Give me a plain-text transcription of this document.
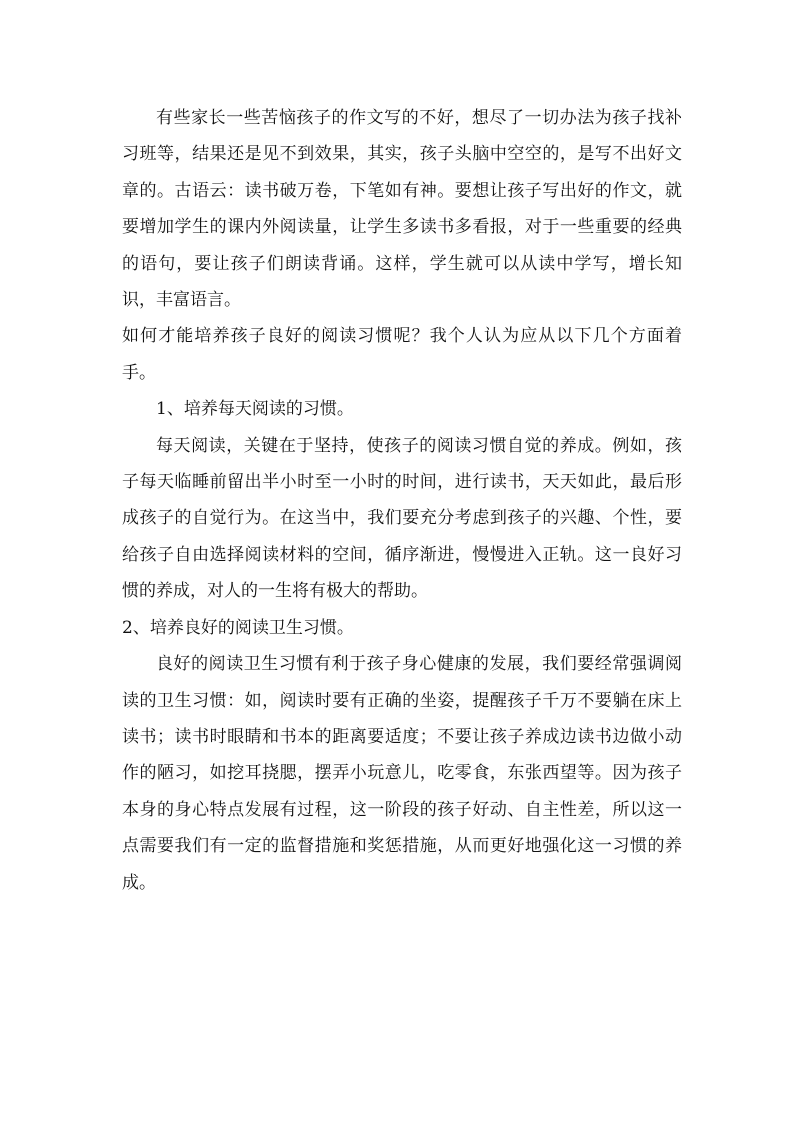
有些家长一些苦恼孩子的作文写的不好，想尽了一切办法为孩子找补习班等，结果还是见不到效果，其实，孩子头脑中空空的，是写不出好文章的。古语云：读书破万卷，下笔如有神。要想让孩子写出好的作文，就要增加学生的课内外阅读量，让学生多读书多看报，对于一些重要的经典的语句，要让孩子们朗读背诵。这样，学生就可以从读中学写，增长知识，丰富语言。

如何才能培养孩子良好的阅读习惯呢？我个人认为应从以下几个方面着手。

1、培养每天阅读的习惯。

每天阅读，关键在于坚持，使孩子的阅读习惯自觉的养成。例如，孩子每天临睡前留出半小时至一小时的时间，进行读书，天天如此，最后形成孩子的自觉行为。在这当中，我们要充分考虑到孩子的兴趣、个性，要给孩子自由选择阅读材料的空间，循序渐进，慢慢进入正轨。这一良好习惯的养成，对人的一生将有极大的帮助。

2、培养良好的阅读卫生习惯。

良好的阅读卫生习惯有利于孩子身心健康的发展，我们要经常强调阅读的卫生习惯：如，阅读时要有正确的坐姿，提醒孩子千万不要躺在床上读书；读书时眼睛和书本的距离要适度；不要让孩子养成边读书边做小动作的陋习，如挖耳挠腮，摆弄小玩意儿，吃零食，东张西望等。因为孩子本身的身心特点发展有过程，这一阶段的孩子好动、自主性差，所以这一点需要我们有一定的监督措施和奖惩措施，从而更好地强化这一习惯的养成。
